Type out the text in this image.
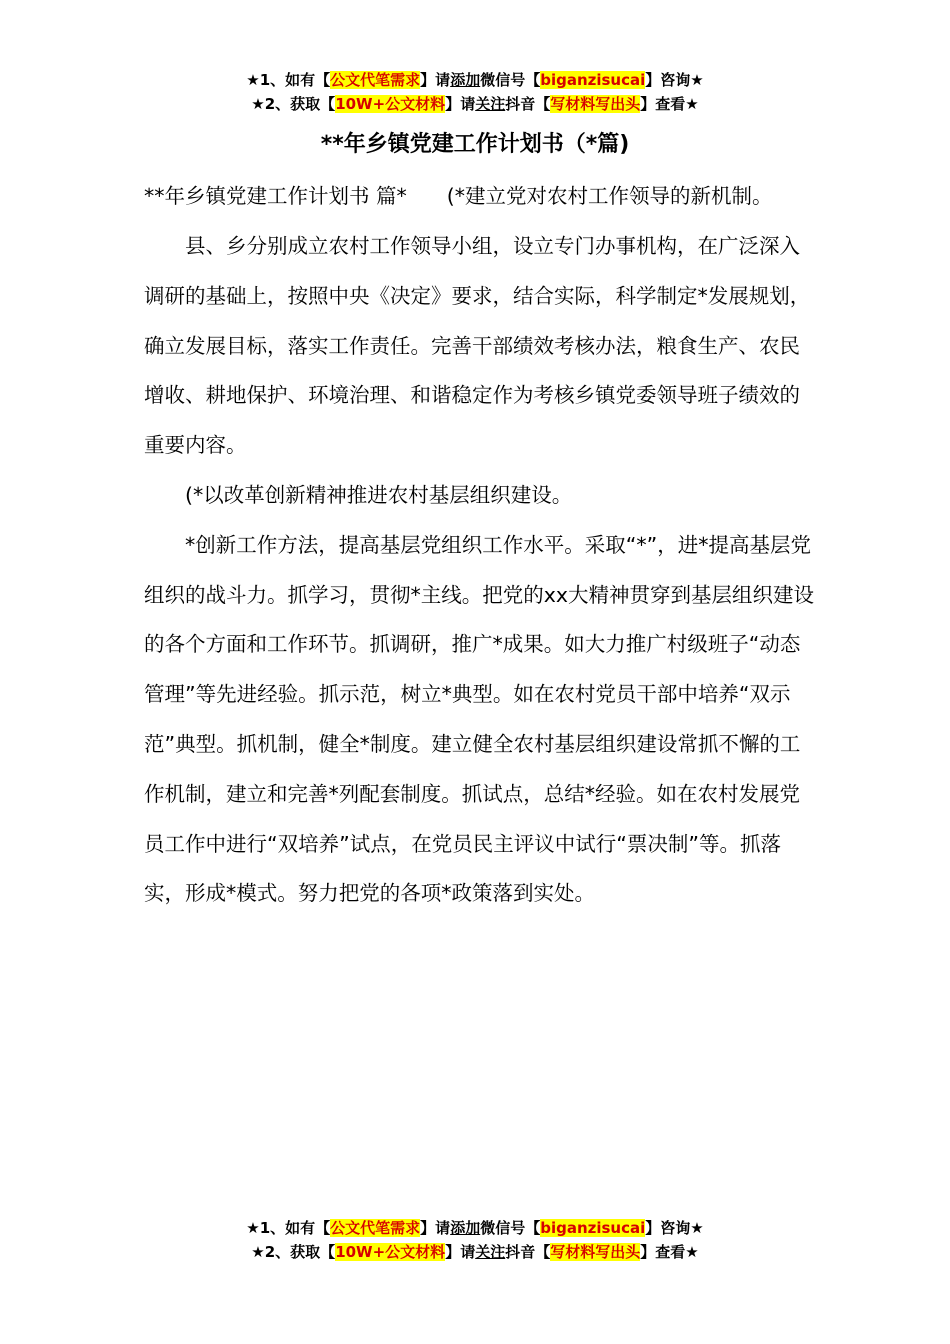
★1、如有【公文代笔需求】请添加微信号【biganzisucai】咨询★
★2、获取【10W+公文材料】请关注抖音【写材料写出头】查看★
**年乡镇党建工作计划书（*篇)
**年乡镇党建工作计划书 篇* (*建立党对农村工作领导的新机制。

县、乡分别成立农村工作领导小组，设立专门办事机构，在广泛深入调研的基础上，按照中央《决定》要求，结合实际，科学制定*发展规划，确立发展目标，落实工作责任。完善干部绩效考核办法，粮食生产、农民增收、耕地保护、环境治理、和谐稳定作为考核乡镇党委领导班子绩效的重要内容。

(*以改革创新精神推进农村基层组织建设。

*创新工作方法，提高基层党组织工作水平。采取“*”，进*提高基层党组织的战斗力。抓学习，贯彻*主线。把党的xx大精神贯穿到基层组织建设的各个方面和工作环节。抓调研，推广*成果。如大力推广村级班子“动态管理”等先进经验。抓示范，树立*典型。如在农村党员干部中培养“双示范”典型。抓机制，健全*制度。建立健全农村基层组织建设常抓不懈的工作机制，建立和完善*列配套制度。抓试点，总结*经验。如在农村发展党员工作中进行“双培养”试点，在党员民主评议中试行“票决制”等。抓落实，形成*模式。努力把党的各项*政策落到实处。

★1、如有【公文代笔需求】请添加微信号【biganzisucai】咨询★
★2、获取【10W+公文材料】请关注抖音【写材料写出头】查看★
